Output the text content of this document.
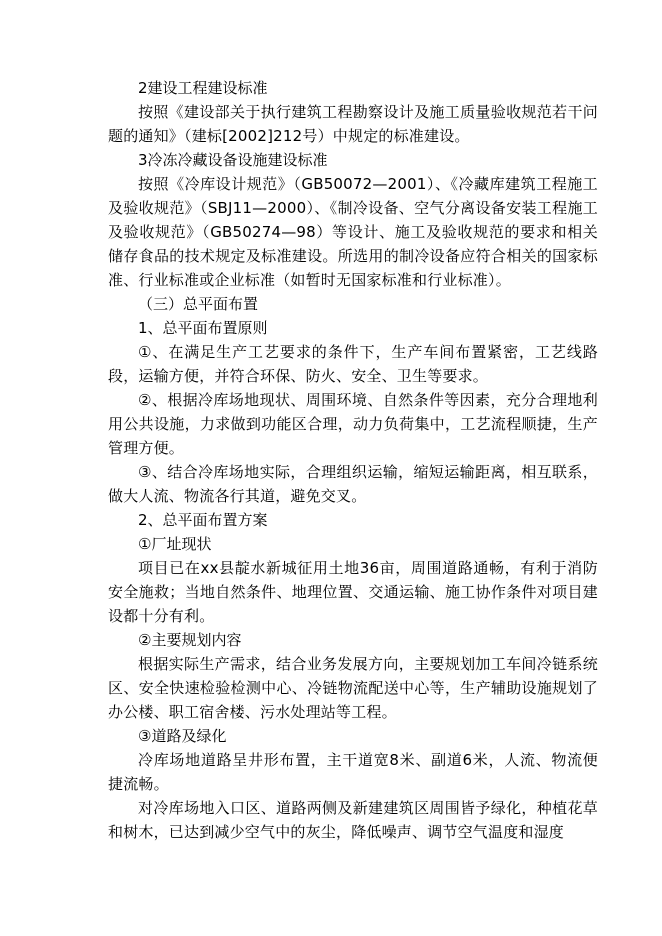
2建设工程建设标准

按照《建设部关于执行建筑工程勘察设计及施工质量验收规范若干问题的通知》（建标[2002]212号）中规定的标准建设。

3冷冻冷藏设备设施建设标准

按照《冷库设计规范》（GB50072—2001）、《冷藏库建筑工程施工及验收规范》（SBJ11—2000）、《制冷设备、空气分离设备安装工程施工及验收规范》（GB50274—98）等设计、施工及验收规范的要求和相关储存食品的技术规定及标准建设。所选用的制冷设备应符合相关的国家标准、行业标准或企业标准（如暂时无国家标准和行业标准）。

（三）总平面布置

1、总平面布置原则

①、在满足生产工艺要求的条件下，生产车间布置紧密，工艺线路段，运输方便，并符合环保、防火、安全、卫生等要求。

②、根据冷库场地现状、周围环境、自然条件等因素，充分合理地利用公共设施，力求做到功能区合理，动力负荷集中，工艺流程顺捷，生产管理方便。

③、结合冷库场地实际，合理组织运输，缩短运输距离，相互联系，做大人流、物流各行其道，避免交叉。

2、总平面布置方案

①厂址现状

项目已在xx县靛水新城征用土地36亩，周围道路通畅，有利于消防安全施救；当地自然条件、地理位置、交通运输、施工协作条件对项目建设都十分有利。

②主要规划内容

根据实际生产需求，结合业务发展方向，主要规划加工车间冷链系统区、安全快速检验检测中心、冷链物流配送中心等，生产辅助设施规划了办公楼、职工宿舍楼、污水处理站等工程。

③道路及绿化

冷库场地道路呈井形布置，主干道宽8米、副道6米，人流、物流便捷流畅。

对冷库场地入口区、道路两侧及新建建筑区周围皆予绿化，种植花草和树木，已达到减少空气中的灰尘，降低噪声、调节空气温度和湿度
